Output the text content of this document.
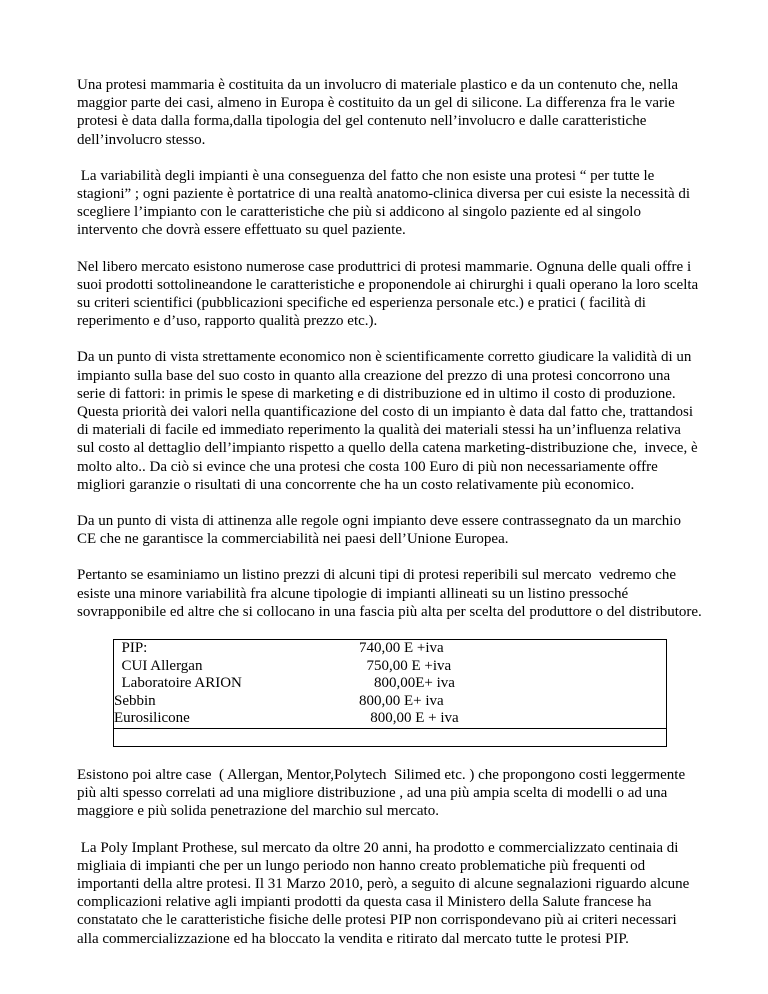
Una protesi mammaria è costituita da un involucro di materiale plastico e da un contenuto che, nella maggior parte dei casi, almeno in Europa è costituito da un gel di silicone. La differenza fra le varie protesi è data dalla forma,dalla tipologia del gel contenuto nell’involucro e dalle caratteristiche dell’involucro stesso.

La variabilità degli impianti è una conseguenza del fatto che non esiste una protesi “ per tutte le stagioni” ; ogni paziente è portatrice di una realtà anatomo-clinica diversa per cui esiste la necessità di scegliere l’impianto con le caratteristiche che più si addicono al singolo paziente ed al singolo intervento che dovrà essere effettuato su quel paziente.

Nel libero mercato esistono numerose case produttrici di protesi mammarie. Ognuna delle quali offre i suoi prodotti sottolineandone le caratteristiche e proponendole ai chirurghi i quali operano la loro scelta su criteri scientifici (pubblicazioni specifiche ed esperienza personale etc.) e pratici ( facilità di reperimento e d’uso, rapporto qualità prezzo etc.).

Da un punto di vista strettamente economico non è scientificamente corretto giudicare la validità di un impianto sulla base del suo costo in quanto alla creazione del prezzo di una protesi concorrono una serie di fattori: in primis le spese di marketing e di distribuzione ed in ultimo il costo di produzione. Questa priorità dei valori nella quantificazione del costo di un impianto è data dal fatto che, trattandosi di materiali di facile ed immediato reperimento la qualità dei materiali stessi ha un’influenza relativa sul costo al dettaglio dell’impianto rispetto a quello della catena marketing-distribuzione che,  invece, è molto alto.. Da ciò si evince che una protesi che costa 100 Euro di più non necessariamente offre migliori garanzie o risultati di una concorrente che ha un costo relativamente più economico.

Da un punto di vista di attinenza alle regole ogni impianto deve essere contrassegnato da un marchio CE che ne garantisce la commerciabilità nei paesi dell’Unione Europea.

Pertanto se esaminiamo un listino prezzi di alcuni tipi di protesi reperibili sul mercato  vedremo che esiste una minore variabilità fra alcune tipologie di impianti allineati su un listino pressoché sovrapponibile ed altre che si collocano in una fascia più alta per scelta del produttore o del distributore.

PIP:	740,00 E +iva
CUI Allergan	750,00 E +iva
Laboratoire ARION	800,00E+ iva
Sebbin	800,00 E+ iva
Eurosilicone	800,00 E + iva

Esistono poi altre case  ( Allergan, Mentor,Polytech  Silimed etc. ) che propongono costi leggermente più alti spesso correlati ad una migliore distribuzione , ad una più ampia scelta di modelli o ad una maggiore e più solida penetrazione del marchio sul mercato.

La Poly Implant Prothese, sul mercato da oltre 20 anni, ha prodotto e commercializzato centinaia di migliaia di impianti che per un lungo periodo non hanno creato problematiche più frequenti od importanti della altre protesi. Il 31 Marzo 2010, però, a seguito di alcune segnalazioni riguardo alcune complicazioni relative agli impianti prodotti da questa casa il Ministero della Salute francese ha constatato che le caratteristiche fisiche delle protesi PIP non corrispondevano più ai criteri necessari alla commercializzazione ed ha bloccato la vendita e ritirato dal mercato tutte le protesi PIP.
